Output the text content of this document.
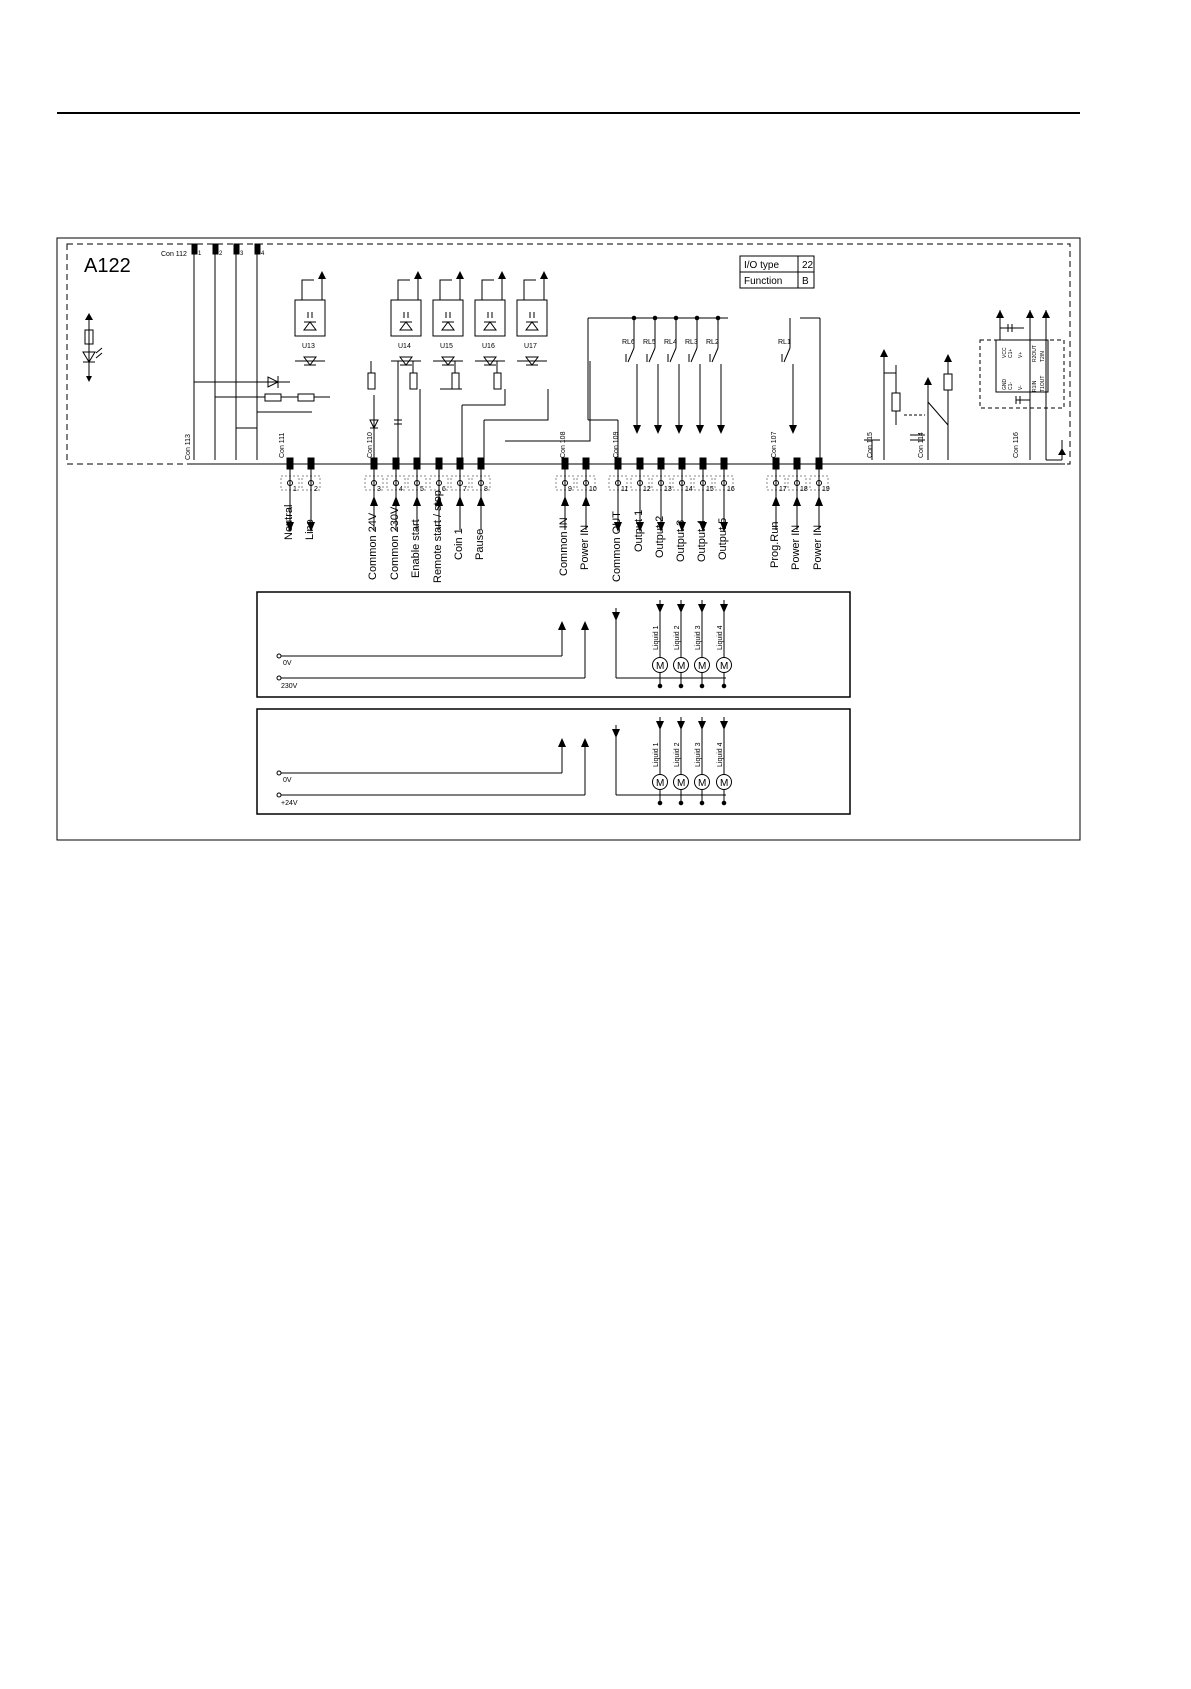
A122	I/O type 22
Function B
Con 112
Con 113
1	2	3	4
Con 111	Con 110	Con 108	Con 109	Con 107	Con 115	Con 114	Con 116
U13	U14	U15	U16	U17
RL6 RL5 RL4 RL3 RL2	RL1
VCC C1+
C1-
GND
V+
V-
R2OUT T2IN
R1IN T1OUT
1
Neutral
2
Line
3
Common 24V
4
Common 230V
5
Enable start
6
Remote start / stop
7
Coin 1
8
Pause
9
Common IN
10
Power IN
11
Common OUT
12
Output 1
13
Output 2
14
Output 3
15
Output 4
16
Output 5
17
Prog.Run
18
Power IN
19
Power IN
0V
230V
Liquid 1
M
Liquid 2
M
Liquid 3
M
Liquid 4
M
0V
+24V
Liquid 1
M
Liquid 2
M
Liquid 3
M
Liquid 4
M
